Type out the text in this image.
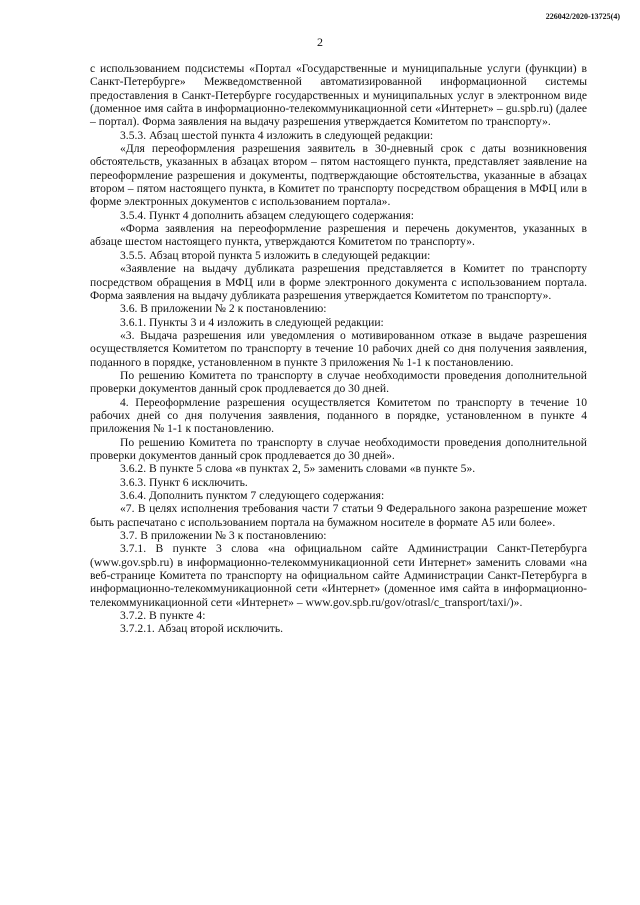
226042/2020-13725(4)
2

с использованием подсистемы «Портал «Государственные и муниципальные услуги (функции) в Санкт-Петербурге» Межведомственной автоматизированной информационной системы предоставления в Санкт-Петербурге государственных и муниципальных услуг в электронном виде (доменное имя сайта в информационно-телекоммуникационной сети «Интернет» – gu.spb.ru) (далее – портал). Форма заявления на выдачу разрешения утверждается Комитетом по транспорту».

3.5.3. Абзац шестой пункта 4 изложить в следующей редакции:

«Для переоформления разрешения заявитель в 30-дневный срок с даты возникновения обстоятельств, указанных в абзацах втором – пятом настоящего пункта, представляет заявление на переоформление разрешения и документы, подтверждающие обстоятельства, указанные в абзацах втором – пятом настоящего пункта, в Комитет по транспорту посредством обращения в МФЦ или в форме электронных документов с использованием портала».

3.5.4. Пункт 4 дополнить абзацем следующего содержания:

«Форма заявления на переоформление разрешения и перечень документов, указанных в абзаце шестом настоящего пункта, утверждаются Комитетом по транспорту».

3.5.5. Абзац второй пункта 5 изложить в следующей редакции:

«Заявление на выдачу дубликата разрешения представляется в Комитет по транспорту посредством обращения в МФЦ или в форме электронного документа с использованием портала. Форма заявления на выдачу дубликата разрешения утверждается Комитетом по транспорту».

3.6. В приложении № 2 к постановлению:

3.6.1. Пункты 3 и 4 изложить в следующей редакции:

«3. Выдача разрешения или уведомления о мотивированном отказе в выдаче разрешения осуществляется Комитетом по транспорту в течение 10 рабочих дней со дня получения заявления, поданного в порядке, установленном в пункте 3 приложения № 1-1 к постановлению.

По решению Комитета по транспорту в случае необходимости проведения дополнительной проверки документов данный срок продлевается до 30 дней.

4. Переоформление разрешения осуществляется Комитетом по транспорту в течение 10 рабочих дней со дня получения заявления, поданного в порядке, установленном в пункте 4 приложения № 1-1 к постановлению.

По решению Комитета по транспорту в случае необходимости проведения дополнительной проверки документов данный срок продлевается до 30 дней».

3.6.2. В пункте 5 слова «в пунктах 2, 5» заменить словами «в пункте 5».

3.6.3. Пункт 6 исключить.

3.6.4. Дополнить пунктом 7 следующего содержания:

«7. В целях исполнения требования части 7 статьи 9 Федерального закона разрешение может быть распечатано с использованием портала на бумажном носителе в формате А5 или более».

3.7. В приложении № 3 к постановлению:

3.7.1. В пункте 3 слова «на официальном сайте Администрации Санкт-Петербурга (www.gov.spb.ru) в информационно-телекоммуникационной сети Интернет» заменить словами «на веб-странице Комитета по транспорту на официальном сайте Администрации Санкт-Петербурга в информационно-телекоммуникационной сети «Интернет» (доменное имя сайта в информационно-телекоммуникационной сети «Интернет» – www.gov.spb.ru/gov/otrasl/c_transport/taxi/)».

3.7.2. В пункте 4:

3.7.2.1. Абзац второй исключить.
